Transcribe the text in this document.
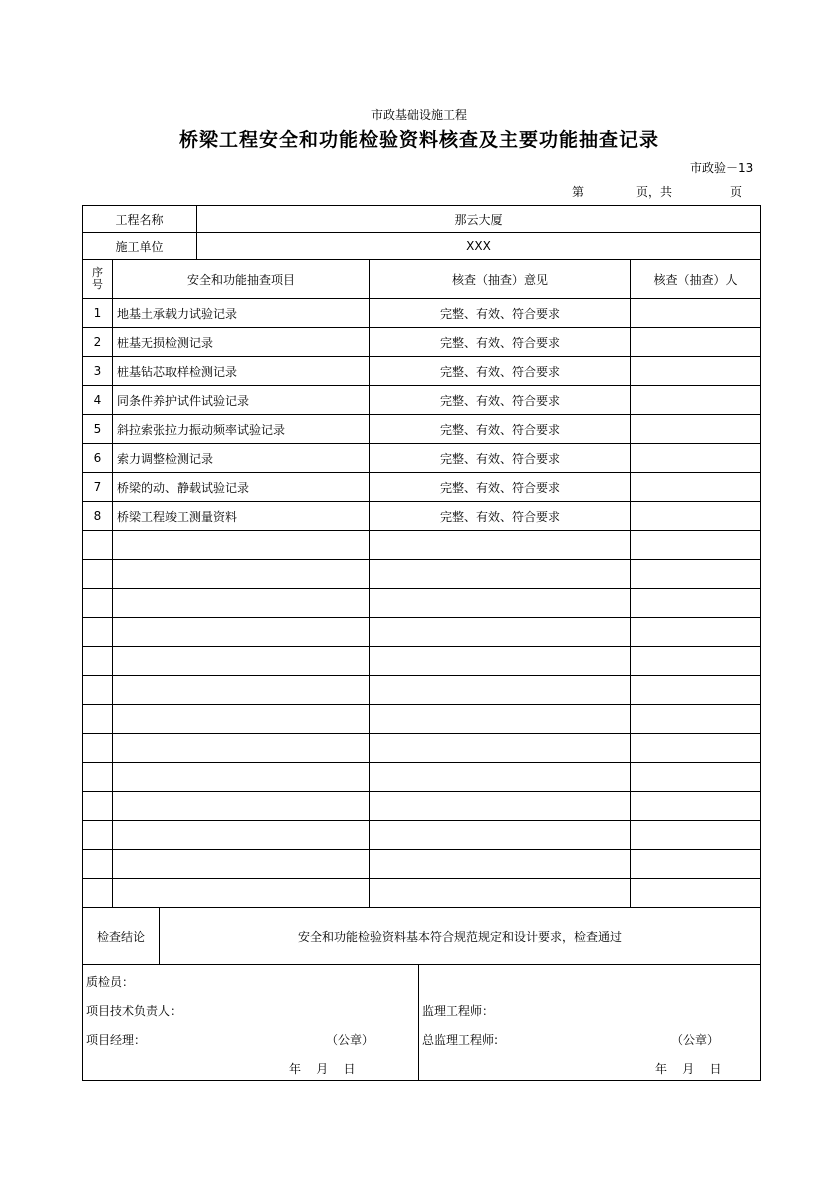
市政基础设施工程
桥梁工程安全和功能检验资料核查及主要功能抽查记录
市政验－13
第	页，共	页
工程名称	那云大厦
施工单位	XXX
序
号	安全和功能抽查项目	核查（抽查）意见	核查（抽查）人
1	地基土承载力试验记录	完整、有效、符合要求	
2	桩基无损检测记录	完整、有效、符合要求	
3	桩基钻芯取样检测记录	完整、有效、符合要求	
4	同条件养护试件试验记录	完整、有效、符合要求	
5	斜拉索张拉力振动频率试验记录	完整、有效、符合要求	
6	索力调整检测记录	完整、有效、符合要求	
7	桥梁的动、静载试验记录	完整、有效、符合要求	
8	桥梁工程竣工测量资料	完整、有效、符合要求	

检查结论	安全和功能检验资料基本符合规范规定和设计要求，检查通过
质检员：
项目技术负责人：
项目经理：	（公章）
年    月    日

监理工程师：
总监理工程师:	（公章）
年    月    日
